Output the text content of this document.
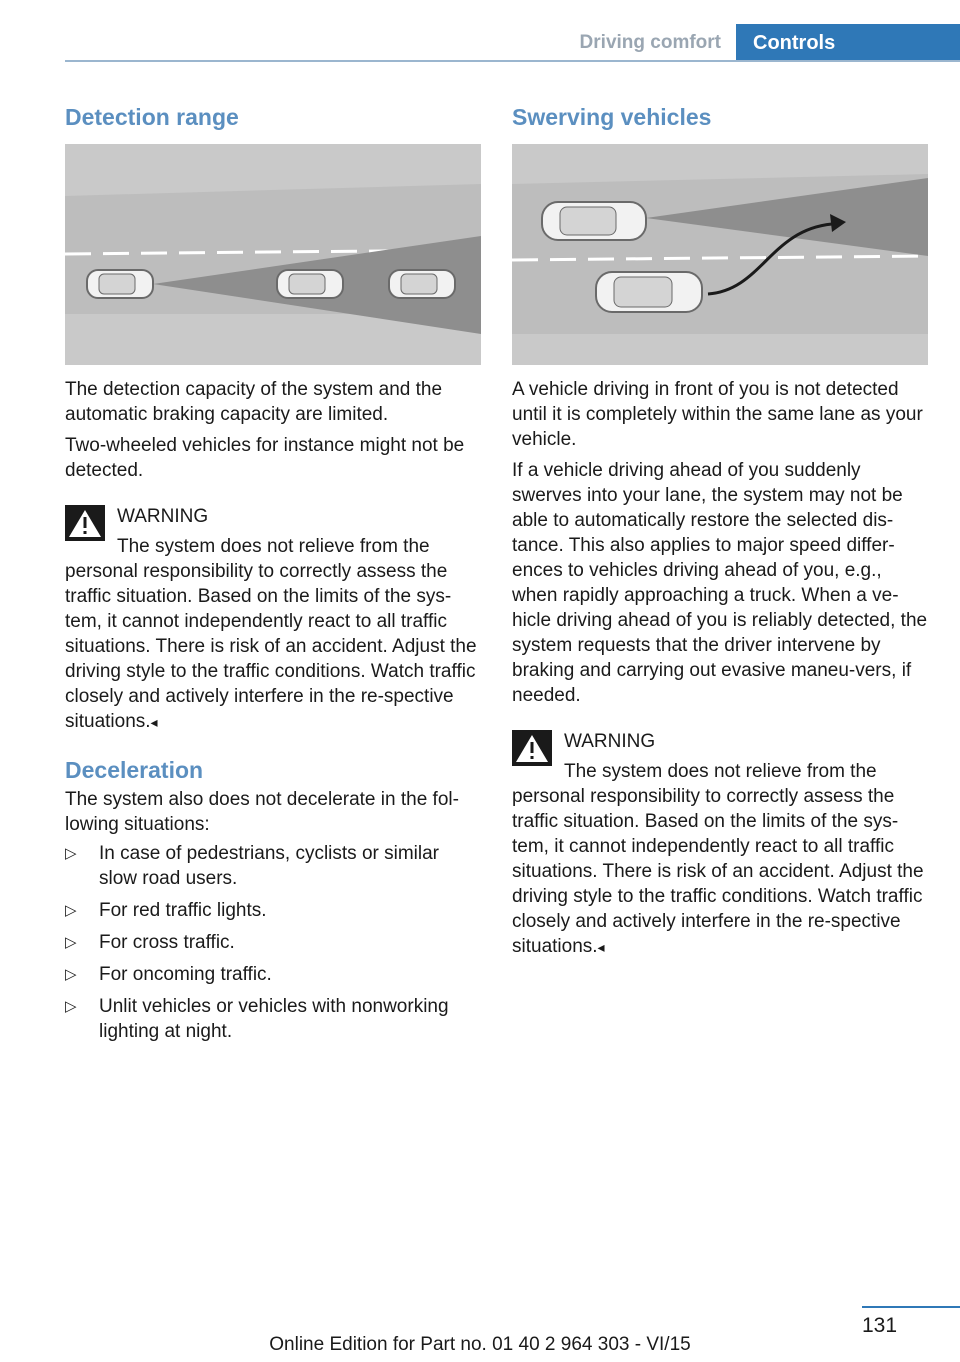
Driving comfort	Controls
Detection range

The detection capacity of the system and the automatic braking capacity are limited.

Two-wheeled vehicles for instance might not be detected.

WARNING

The system does not relieve from the personal responsibility to correctly assess the traffic situation. Based on the limits of the sys-tem, it cannot independently react to all traffic situations. There is risk of an accident. Adjust the driving style to the traffic conditions. Watch traffic closely and actively interfere in the re-spective situations.◂

Deceleration

The system also does not decelerate in the fol-lowing situations:

▷ In case of pedestrians, cyclists or similar slow road users.
▷ For red traffic lights.
▷ For cross traffic.
▷ For oncoming traffic.
▷ Unlit vehicles or vehicles with nonworking lighting at night.
Swerving vehicles

A vehicle driving in front of you is not detected until it is completely within the same lane as your vehicle.

If a vehicle driving ahead of you suddenly swerves into your lane, the system may not be able to automatically restore the selected dis-tance. This also applies to major speed differ-ences to vehicles driving ahead of you, e.g., when rapidly approaching a truck. When a ve-hicle driving ahead of you is reliably detected, the system requests that the driver intervene by braking and carrying out evasive maneu-vers, if needed.

WARNING

The system does not relieve from the personal responsibility to correctly assess the traffic situation. Based on the limits of the sys-tem, it cannot independently react to all traffic situations. There is risk of an accident. Adjust the driving style to the traffic conditions. Watch traffic closely and actively interfere in the re-spective situations.◂

131
Online Edition for Part no. 01 40 2 964 303 - VI/15
